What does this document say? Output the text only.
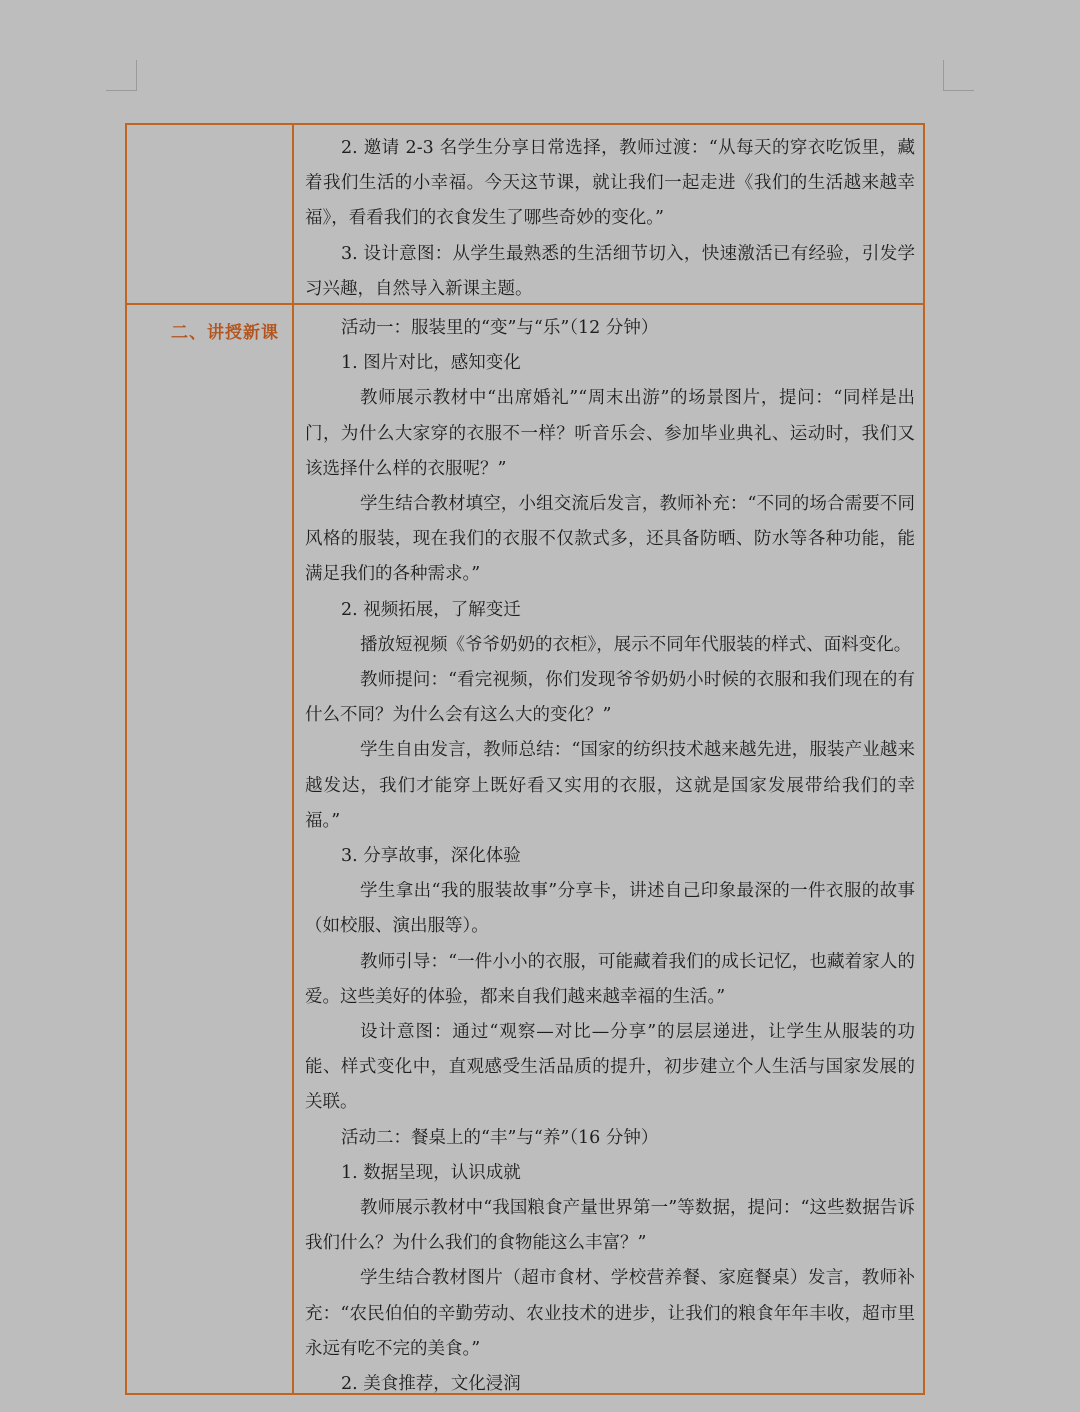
2. 邀请 2-3 名学生分享日常选择，教师过渡：“从每天的穿衣吃饭里，藏着我们生活的小幸福。今天这节课，就让我们一起走进《我们的生活越来越幸福》，看看我们的衣食发生了哪些奇妙的变化。”

3. 设计意图：从学生最熟悉的生活细节切入，快速激活已有经验，引发学习兴趣，自然导入新课主题。

二、讲授新课	活动一：服装里的“变”与“乐”（12 分钟）

1. 图片对比，感知变化

教师展示教材中“出席婚礼”“周末出游”的场景图片，提问：“同样是出门，为什么大家穿的衣服不一样？听音乐会、参加毕业典礼、运动时，我们又该选择什么样的衣服呢？”

学生结合教材填空，小组交流后发言，教师补充：“不同的场合需要不同风格的服装，现在我们的衣服不仅款式多，还具备防晒、防水等各种功能，能满足我们的各种需求。”

2. 视频拓展，了解变迁

播放短视频《爷爷奶奶的衣柜》，展示不同年代服装的样式、面料变化。

教师提问：“看完视频，你们发现爷爷奶奶小时候的衣服和我们现在的有什么不同？为什么会有这么大的变化？”

学生自由发言，教师总结：“国家的纺织技术越来越先进，服装产业越来越发达，我们才能穿上既好看又实用的衣服，这就是国家发展带给我们的幸福。”

3. 分享故事，深化体验

学生拿出“我的服装故事”分享卡，讲述自己印象最深的一件衣服的故事（如校服、演出服等）。

教师引导：“一件小小的衣服，可能藏着我们的成长记忆，也藏着家人的爱。这些美好的体验，都来自我们越来越幸福的生活。”

设计意图：通过“观察—对比—分享”的层层递进，让学生从服装的功能、样式变化中，直观感受生活品质的提升，初步建立个人生活与国家发展的关联。

活动二：餐桌上的“丰”与“养”（16 分钟）

1. 数据呈现，认识成就

教师展示教材中“我国粮食产量世界第一”等数据，提问：“这些数据告诉我们什么？为什么我们的食物能这么丰富？”

学生结合教材图片（超市食材、学校营养餐、家庭餐桌）发言，教师补充：“农民伯伯的辛勤劳动、农业技术的进步，让我们的粮食年年丰收，超市里永远有吃不完的美食。”

2. 美食推荐，文化浸润
